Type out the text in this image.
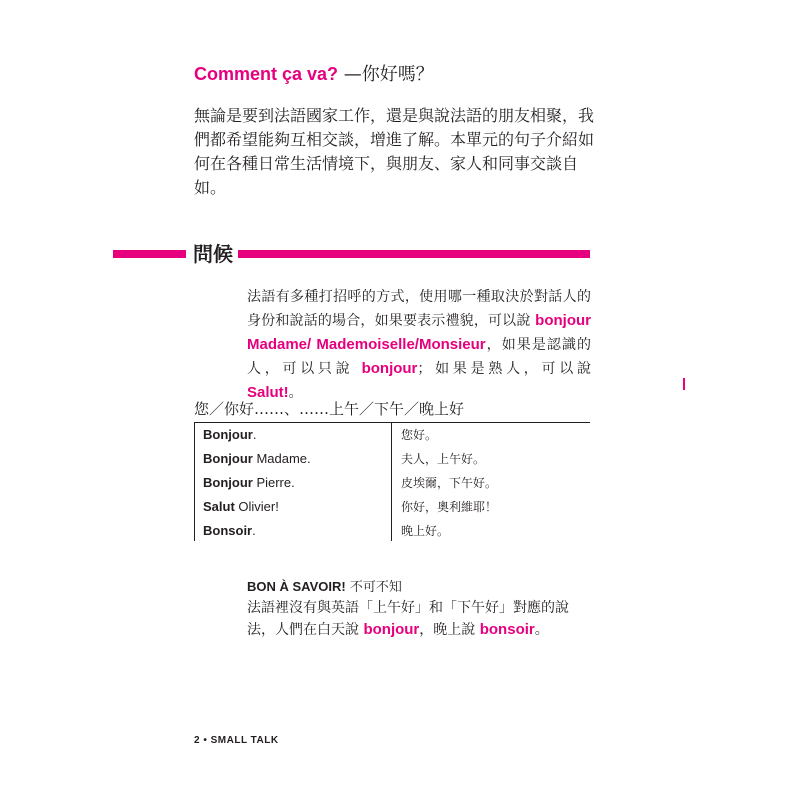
Comment ça va? —你好嗎？

無論是要到法語國家工作，還是與說法語的朋友相聚，我們都希望能夠互相交談，增進了解。本單元的句子介紹如何在各種日常生活情境下，與朋友、家人和同事交談自如。

問候

法語有多種打招呼的方式，使用哪一種取決於對話人的身份和說話的場合，如果要表示禮貌，可以說 bonjour Madame/ Mademoiselle/Monsieur，如果是認識的人，可以只說 bonjour；如果是熟人，可以說 Salut!。

您／你好……、……上午／下午／晚上好
Bonjour.	您好。
Bonjour Madame.	夫人，上午好。
Bonjour Pierre.	皮埃爾，下午好。
Salut Olivier!	你好，奧利維耶！
Bonsoir.	晚上好。
BON À SAVOIR! 不可不知

法語裡沒有與英語「上午好」和「下午好」對應的說法，人們在白天說 bonjour，晚上說 bonsoir。

2 • SMALL TALK
